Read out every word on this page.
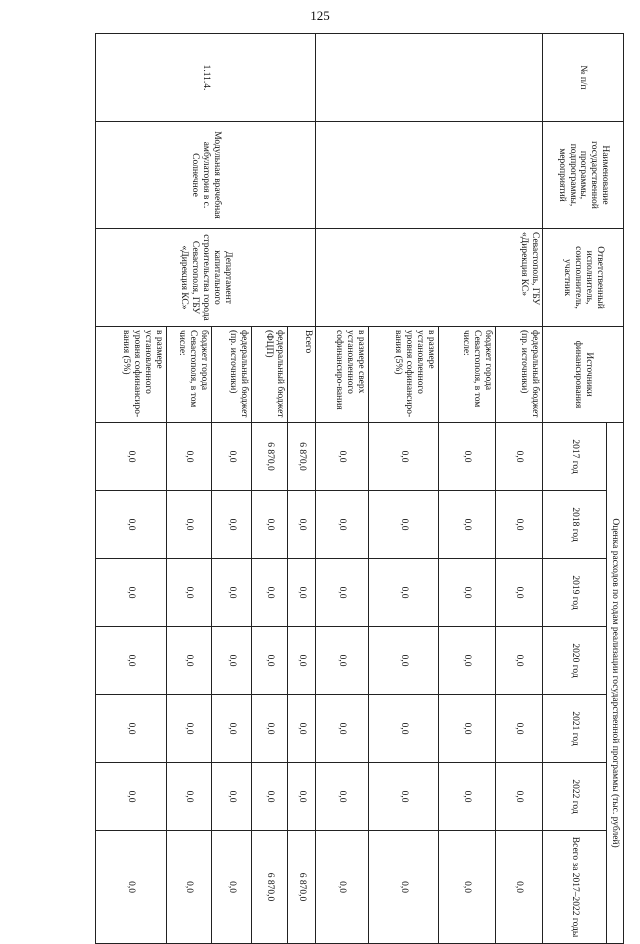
125
№ п/п	Наименование государственной программы, подпрограммы, мероприятий	Ответственный исполнитель, соисполнитель, участник	Источники финансирования	Оценка расходов по годам реализации государственной программы (тыс. рублей)						
				2017 год	2018 год	2019 год	2020 год	2021 год	2022 год	Всего за 2017–2022 годы
		Севастополь, ГБУ «Дирекция КС»	федеральный бюджет (пр. источники)	0,0	0,0	0,0	0,0	0,0	0,0	0,0
			бюджет города Севастополя, в том числе:	0,0	0,0	0,0	0,0	0,0	0,0	0,0
			в размере установленного уровня софинансиро-вания (5%)	0,0	0,0	0,0	0,0	0,0	0,0	0,0
			в размере сверх установленного софинансиро-вания	0,0	0,0	0,0	0,0	0,0	0,0	0,0
1.11.4.	Модульная врачебная амбулатория в с. Солнечное	Департамент капитального строительства города Севастополя, ГБУ «Дирекция КС»	Всего	6 870,0	0,0	0,0	0,0	0,0	0,0	6 870,0
			федеральный бюджет (ФЦП)	6 870,0	0,0	0,0	0,0	0,0	0,0	6 870,0
			федеральный бюджет (пр. источники)	0,0	0,0	0,0	0,0	0,0	0,0	0,0
			бюджет города Севастополя, в том числе:	0,0	0,0	0,0	0,0	0,0	0,0	0,0
			в размере установленного уровня софинансиро-вания (5%)	0,0	0,0	0,0	0,0	0,0	0,0	0,0
